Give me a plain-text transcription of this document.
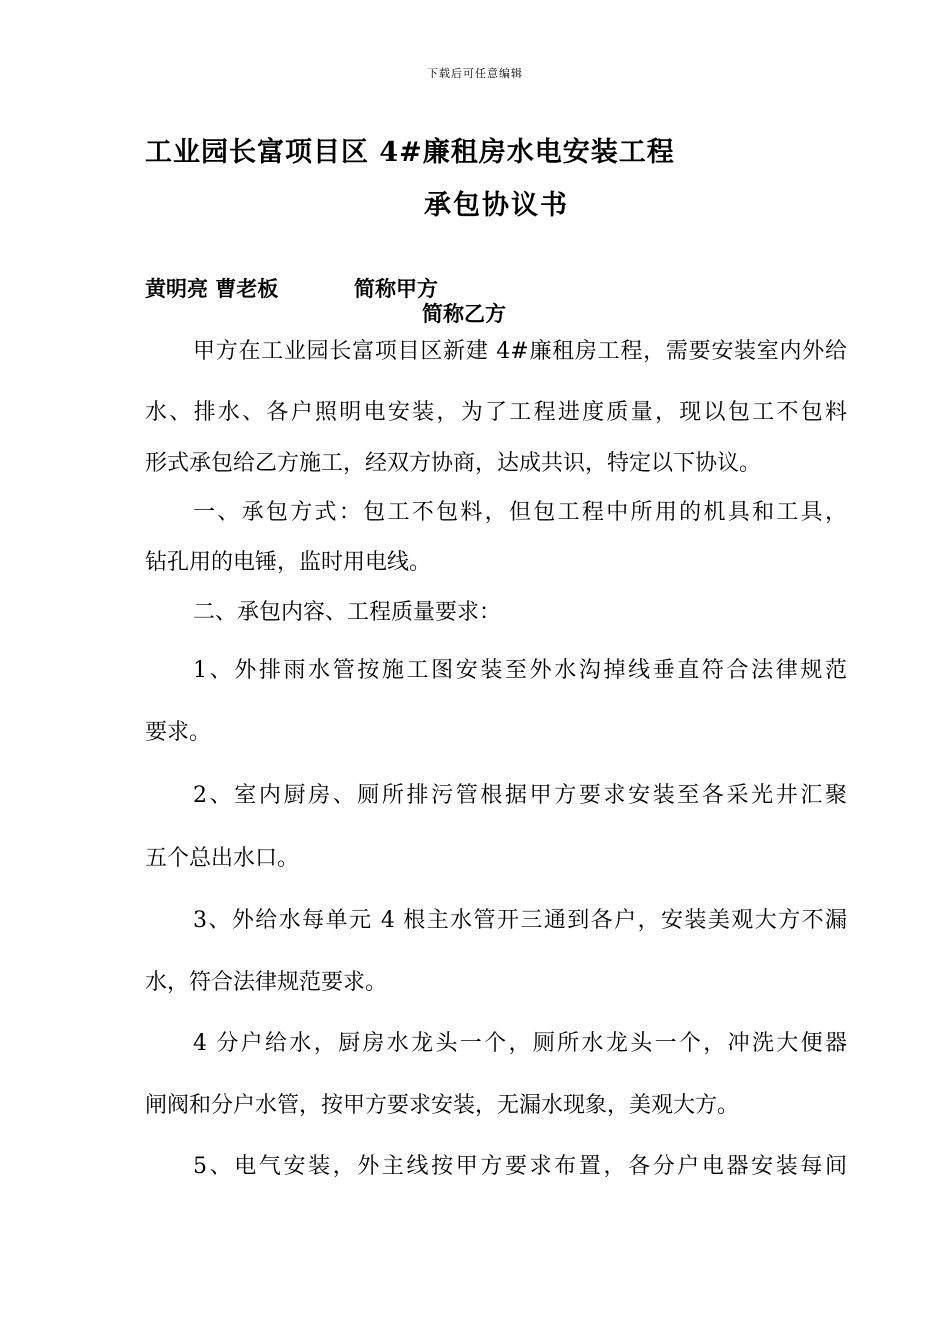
下载后可任意编辑
工业园长富项目区 4#廉租房水电安装工程
承包协议书
黄明亮 曹老板	简称甲方
简称乙方
甲方在工业园长富项目区新建 4#廉租房工程，需要安装室内外给
水、排水、各户照明电安装，为了工程进度质量，现以包工不包料
形式承包给乙方施工，经双方协商，达成共识，特定以下协议。
一、承包方式：包工不包料，但包工程中所用的机具和工具，
钻孔用的电锤，监时用电线。
二、承包内容、工程质量要求：
1、外排雨水管按施工图安装至外水沟掉线垂直符合法律规范
要求。
2、室内厨房、厕所排污管根据甲方要求安装至各采光井汇聚
五个总出水口。
3、外给水每单元 4 根主水管开三通到各户，安装美观大方不漏
水，符合法律规范要求。
4 分户给水，厨房水龙头一个，厕所水龙头一个，冲洗大便器
闸阀和分户水管，按甲方要求安装，无漏水现象，美观大方。
5、电气安装，外主线按甲方要求布置，各分户电器安装每间
